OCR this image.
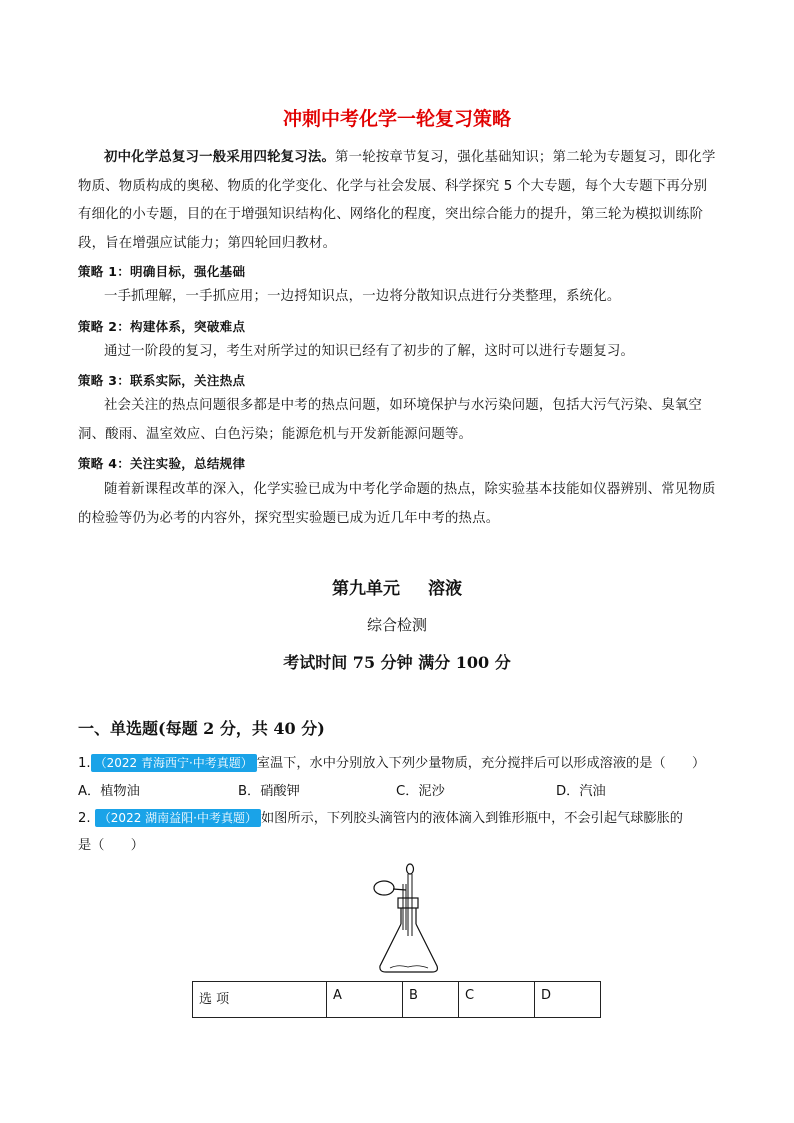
冲刺中考化学一轮复习策略
初中化学总复习一般采用四轮复习法。第一轮按章节复习，强化基础知识；第二轮为专题复习，即化学物质、物质构成的奥秘、物质的化学变化、化学与社会发展、科学探究 5 个大专题，每个大专题下再分别有细化的小专题，目的在于增强知识结构化、网络化的程度，突出综合能力的提升，第三轮为模拟训练阶段，旨在增强应试能力；第四轮回归教材。
策略 1：明确目标，强化基础
一手抓理解，一手抓应用；一边捋知识点，一边将分散知识点进行分类整理，系统化。
策略 2：构建体系，突破难点
通过一阶段的复习，考生对所学过的知识已经有了初步的了解，这时可以进行专题复习。
策略 3：联系实际，关注热点
社会关注的热点问题很多都是中考的热点问题，如环境保护与水污染问题，包括大污气污染、臭氧空洞、酸雨、温室效应、白色污染；能源危机与开发新能源问题等。
策略 4：关注实验，总结规律
随着新课程改革的深入，化学实验已成为中考化学命题的热点，除实验基本技能如仪器辨别、常见物质的检验等仍为必考的内容外，探究型实验题已成为近几年中考的热点。
第九单元 溶液
综合检测
考试时间 75 分钟 满分 100 分
一、单选题(每题 2 分，共 40 分)
1. （2022 青海西宁·中考真题） 室温下，水中分别放入下列少量物质，充分搅拌后可以形成溶液的是（　　）
A．植物油	B．硝酸钾	C．泥沙	D．汽油
2. （2022 湖南益阳·中考真题） 如图所示，下列胶头滴管内的液体滴入到锥形瓶中，不会引起气球膨胀的
是（　　）
选 项	A	B	C	D
